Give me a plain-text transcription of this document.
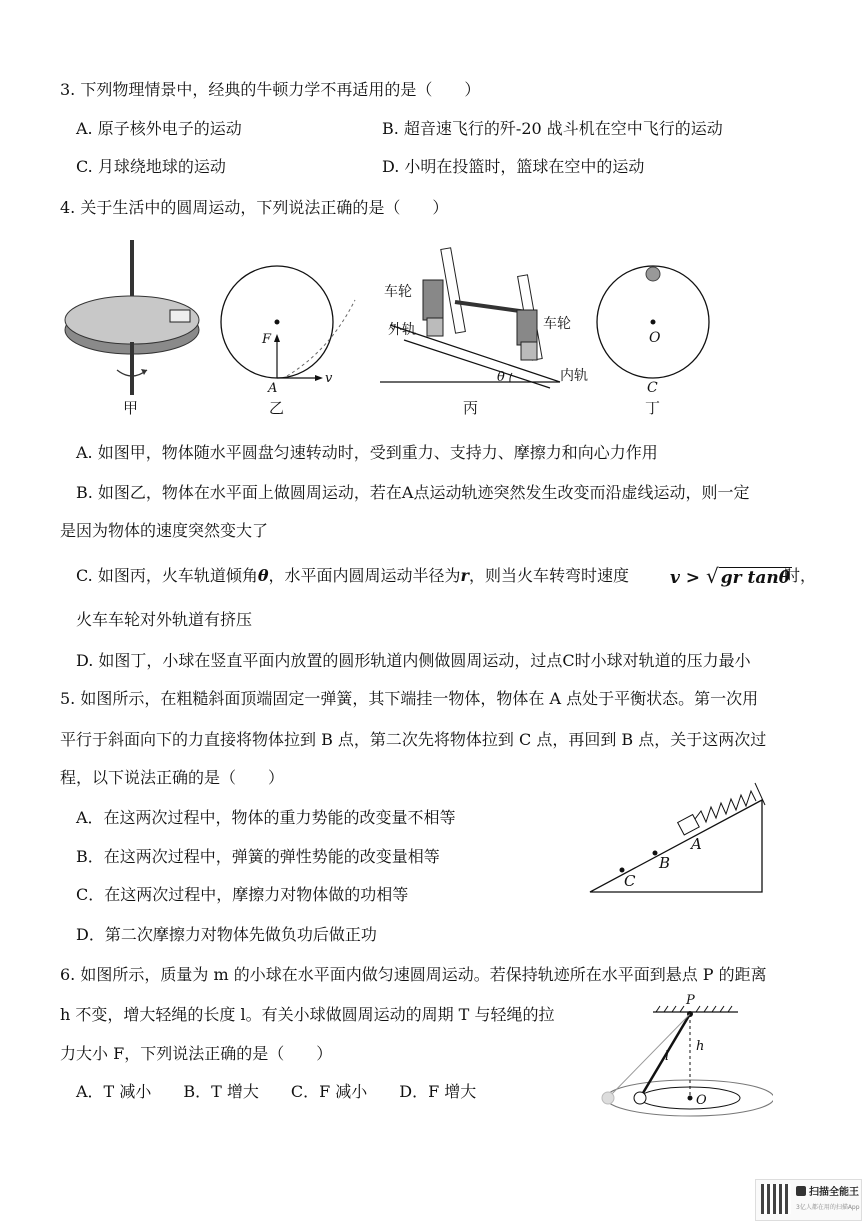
3. 下列物理情景中，经典的牛顿力学不再适用的是（　　）
A. 原子核外电子的运动	B. 超音速飞行的歼-20 战斗机在空中飞行的运动
C. 月球绕地球的运动	D. 小明在投篮时，篮球在空中的运动
4. 关于生活中的圆周运动，下列说法正确的是（　　）
甲
F
A
v
乙
车轮
外轨	车轮
内轨
θ
丙
O
C
丁
A. 如图甲，物体随水平圆盘匀速转动时，受到重力、支持力、摩擦力和向心力作用
B. 如图乙，物体在水平面上做圆周运动，若在A点运动轨迹突然发生改变而沿虚线运动，则一定
是因为物体的速度突然变大了
C. 如图丙，火车轨道倾角θ，水平面内圆周运动半径为r，则当火车转弯时速度 v > √ gr tanθ
时，
火车车轮对外轨道有挤压
D. 如图丁，小球在竖直平面内放置的圆形轨道内侧做圆周运动，过点C时小球对轨道的压力最小
5. 如图所示，在粗糙斜面顶端固定一弹簧，其下端挂一物体，物体在 A 点处于平衡状态。第一次用
平行于斜面向下的力直接将物体拉到 B 点，第二次先将物体拉到 C 点，再回到 B 点，关于这两次过
程，以下说法正确的是（　　）
A．在这两次过程中，物体的重力势能的改变量不相等
B．在这两次过程中，弹簧的弹性势能的改变量相等
C．在这两次过程中，摩擦力对物体做的功相等
D．第二次摩擦力对物体先做负功后做正功
A
B
C
6. 如图所示，质量为 m 的小球在水平面内做匀速圆周运动。若保持轨迹所在水平面到悬点 P 的距离
h 不变，增大轻绳的长度 l。有关小球做圆周运动的周期 T 与轻绳的拉
力大小 F，下列说法正确的是（　　）
A．T 减小　　B．T 增大　　C．F 减小　　D．F 增大
P
l
h
O
扫描全能王
3亿人都在用的扫描App
